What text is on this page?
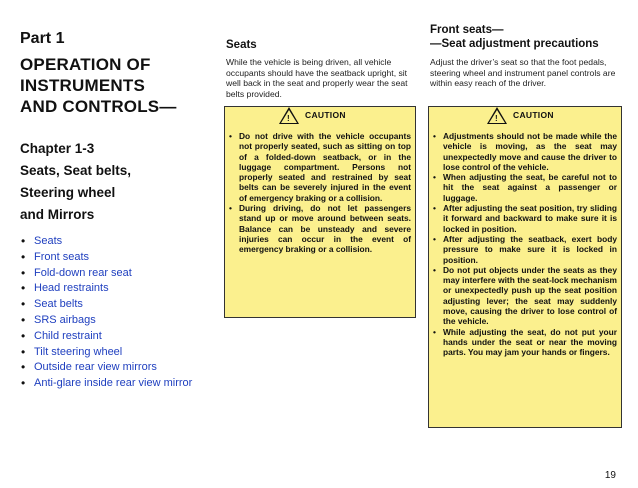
Part 1
OPERATION OF
INSTRUMENTS
AND CONTROLS—
Chapter 1-3
Seats, Seat belts,
Steering wheel
and Mirrors
• Seats
• Front seats
• Fold-down rear seat
• Head restraints
• Seat belts
• SRS airbags
• Child restraint
• Tilt steering wheel
• Outside rear view mirrors
• Anti-glare inside rear view mirror
Seats
While the vehicle is being driven, all vehicle occupants should have the seatback upright, sit well back in the seat and properly wear the seat belts provided.
! CAUTION
• Do not drive with the vehicle occupants not properly seated, such as sitting on top of a folded-down seatback, or in the luggage compartment. Persons not properly seated and restrained by seat belts can be severely injured in the event of emergency braking or a collision.
• During driving, do not let passengers stand up or move around between seats. Balance can be unsteady and severe injuries can occur in the event of emergency braking or a collision.
Front seats—
—Seat adjustment precautions
Adjust the driver’s seat so that the foot pedals, steering wheel and instrument panel controls are within easy reach of the driver.
! CAUTION
• Adjustments should not be made while the vehicle is moving, as the seat may unexpectedly move and cause the driver to lose control of the vehicle.
• When adjusting the seat, be careful not to hit the seat against a passenger or luggage.
• After adjusting the seat position, try sliding it forward and backward to make sure it is locked in position.
• After adjusting the seatback, exert body pressure to make sure it is locked in position.
• Do not put objects under the seats as they may interfere with the seat-lock mechanism or unexpectedly push up the seat position adjusting lever; the seat may suddenly move, causing the driver to lose control of the vehicle.
• While adjusting the seat, do not put your hands under the seat or near the moving parts. You may jam your hands or fingers.
19
